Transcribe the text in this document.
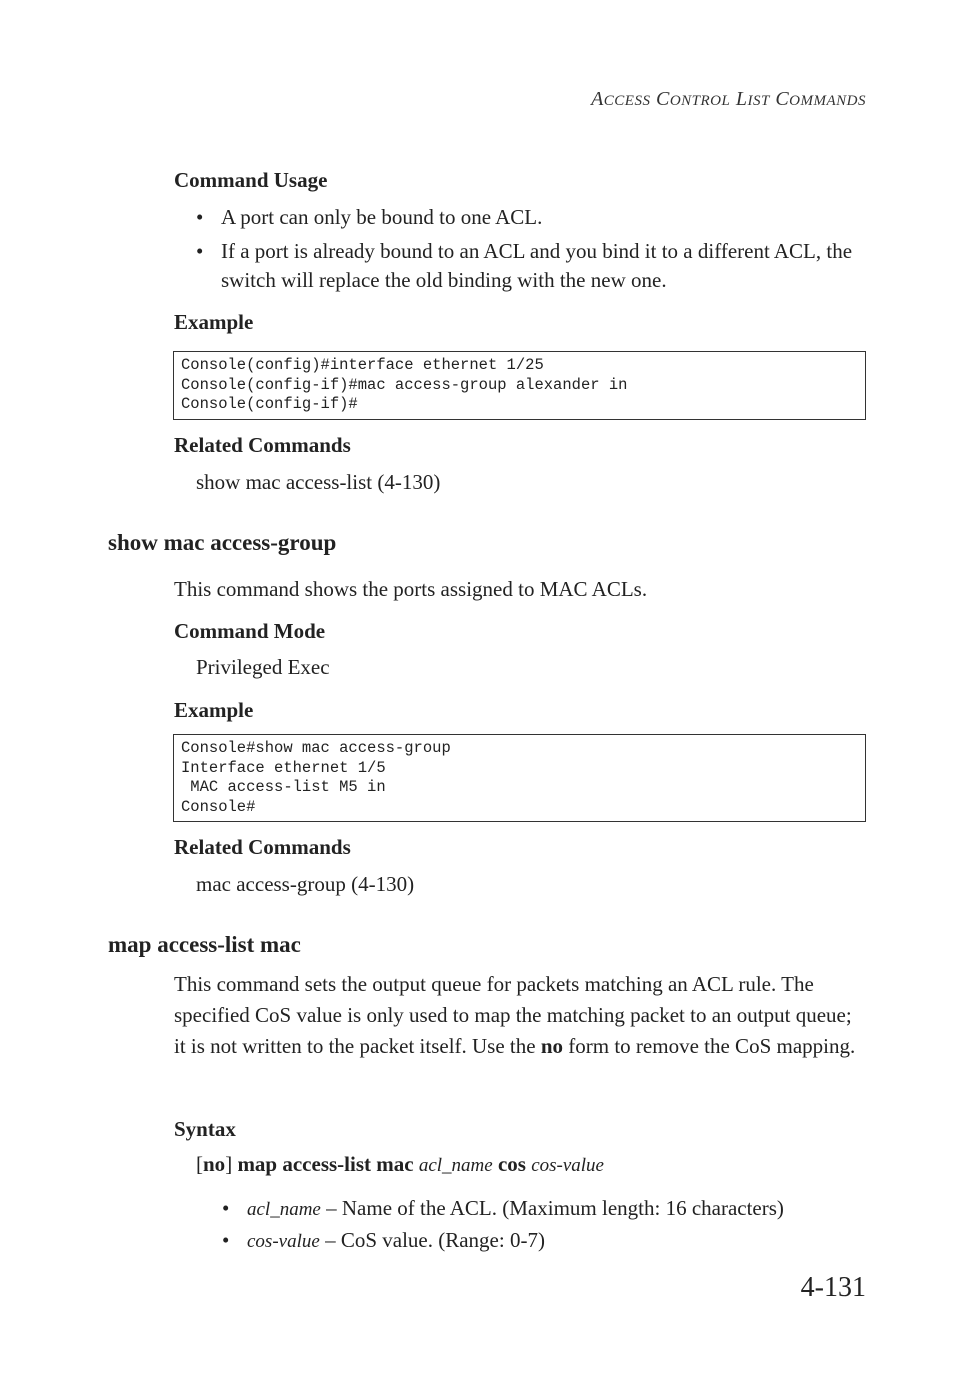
ACCESS CONTROL LIST COMMANDS
Command Usage
• A port can only be bound to one ACL.
• If a port is already bound to an ACL and you bind it to a different ACL, the switch will replace the old binding with the new one.
Example
Console(config)#interface ethernet 1/25
Console(config-if)#mac access-group alexander in
Console(config-if)#
Related Commands
show mac access-list (4-130)
show mac access-group
This command shows the ports assigned to MAC ACLs.
Command Mode
Privileged Exec
Example
Console#show mac access-group
Interface ethernet 1/5
MAC access-list M5 in
Console#
Related Commands
mac access-group (4-130)
map access-list mac
This command sets the output queue for packets matching an ACL rule. The specified CoS value is only used to map the matching packet to an output queue; it is not written to the packet itself. Use the no form to remove the CoS mapping.
Syntax
[no] map access-list mac acl_name cos cos-value
• acl_name – Name of the ACL. (Maximum length: 16 characters)
• cos-value – CoS value. (Range: 0-7)
4-131
